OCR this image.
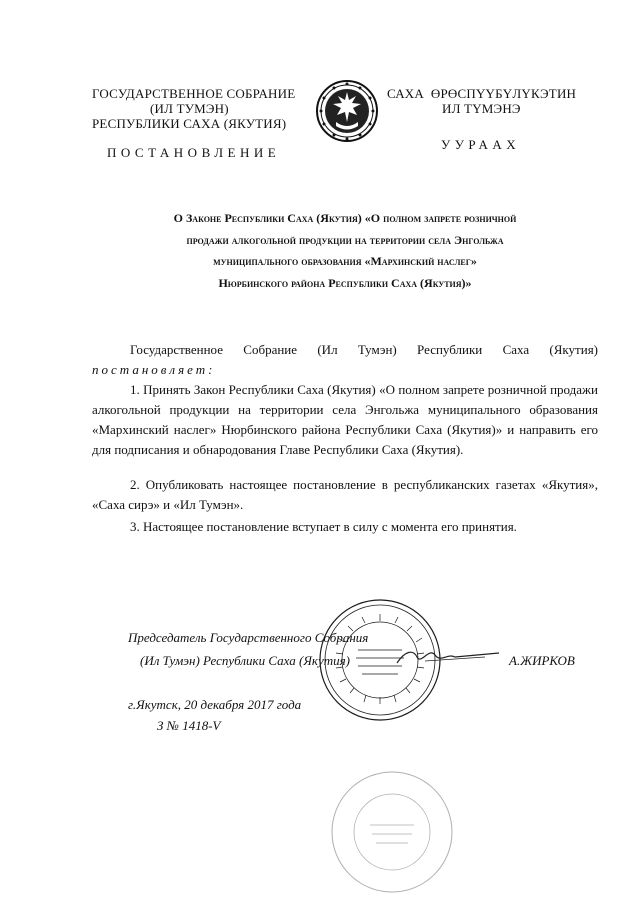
ГОСУДАРСТВЕННОЕ СОБРАНИЕ
(ИЛ ТУМЭН)
РЕСПУБЛИКИ САХА (ЯКУТИЯ)
САХА  ӨРӨСПҮҮБҮЛҮКЭТИН
ИЛ ТҮМЭНЭ
ПОСТАНОВЛЕНИЕ
УУРААХ
О Законе Республики Саха (Якутия) «О полном запрете розничной
продажи алкогольной продукции на территории села Энгольжа
муниципального образования «Мархинский наслег»
Нюрбинского района Республики Саха (Якутия)»
Государственное Собрание (Ил Тумэн) Республики Саха (Якутия) постановляет:
1. Принять Закон Республики Саха (Якутия) «О полном запрете розничной продажи алкогольной продукции на территории села Энгольжа муниципального образования «Мархинский наслег» Нюрбинского района Республики Саха (Якутия)» и направить его для подписания и обнародования Главе Республики Саха (Якутия).
2. Опубликовать настоящее постановление в республиканских газетах «Якутия», «Саха сирэ» и «Ил Тумэн».
3. Настоящее постановление вступает в силу с момента его принятия.
Председатель Государственного Собрания
(Ил Тумэн) Республики Саха (Якутия)	А.ЖИРКОВ
г.Якутск, 20 декабря 2017 года
З № 1418-V
